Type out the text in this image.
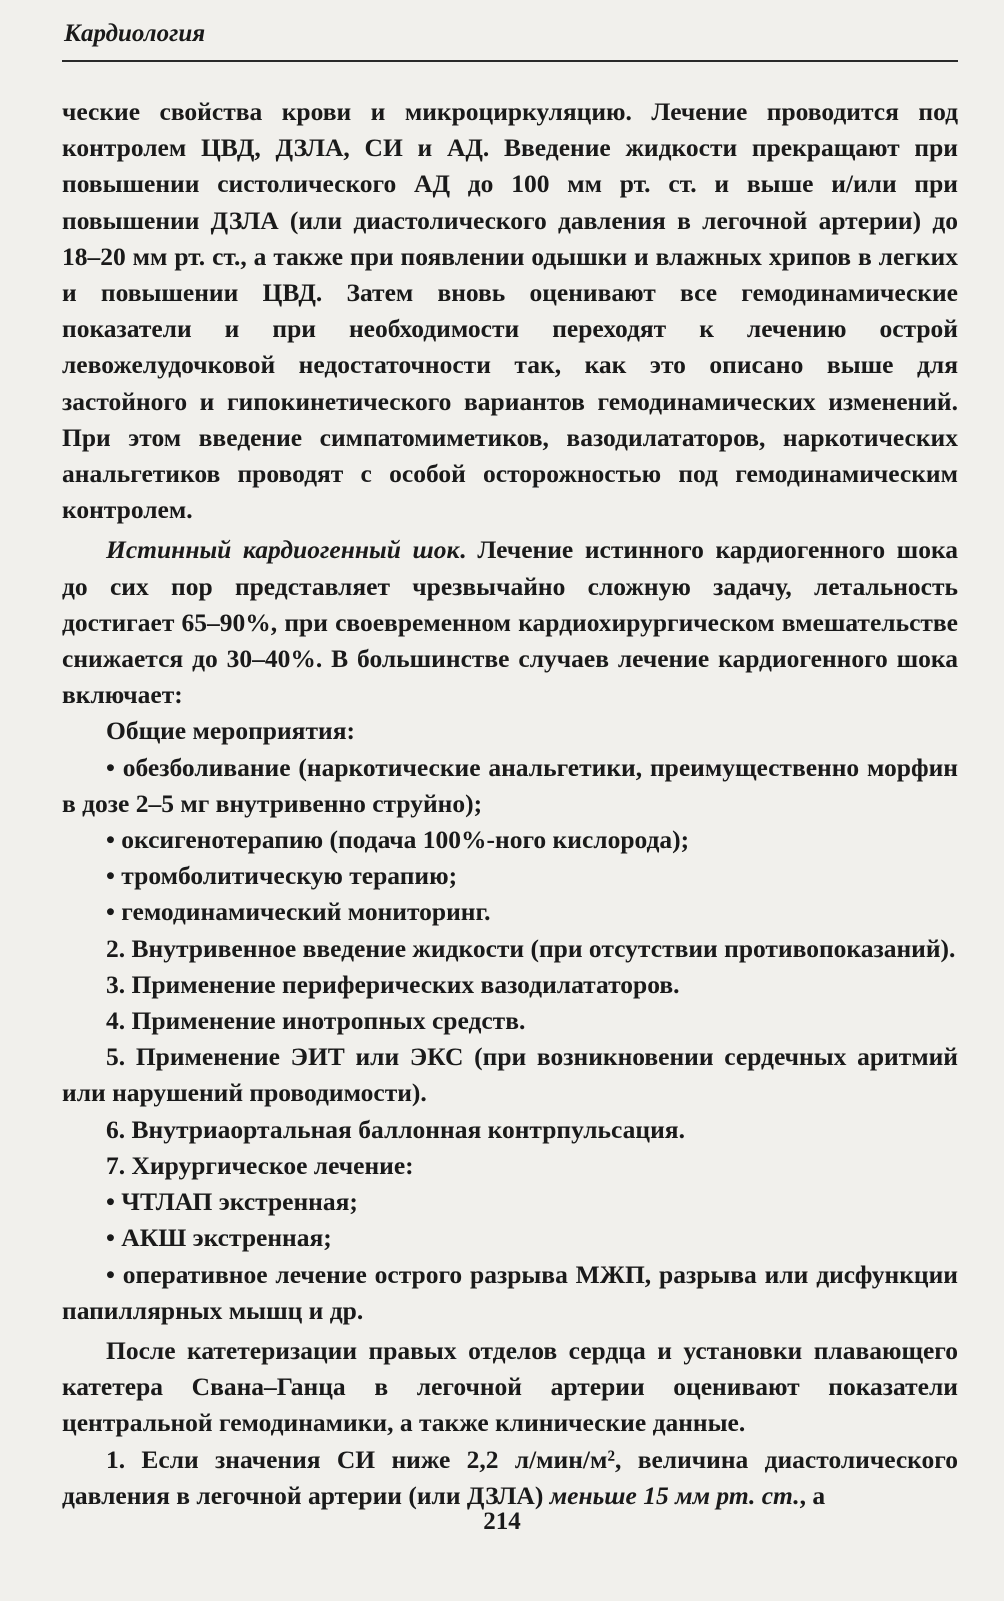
Кардиология

ческие свойства крови и микроциркуляцию. Лечение проводится под контролем ЦВД, ДЗЛА, СИ и АД. Введение жидкости прекращают при повышении систолического АД до 100 мм рт. ст. и выше и/или при повышении ДЗЛА (или диастолического давления в легочной артерии) до 18–20 мм рт. ст., а также при появлении одышки и влажных хрипов в легких и повышении ЦВД. Затем вновь оценивают все гемодинамические показатели и при необходимости переходят к лечению острой левожелудочковой недостаточности так, как это описано выше для застойного и гипокинетического вариантов гемодинамических изменений. При этом введение симпатомиметиков, вазодилататоров, наркотических анальгетиков проводят с особой осторожностью под гемодинамическим контролем.

Истинный кардиогенный шок. Лечение истинного кардиогенного шока до сих пор представляет чрезвычайно сложную задачу, летальность достигает 65–90%, при своевременном кардиохирургическом вмешательстве снижается до 30–40%. В большинстве случаев лечение кардиогенного шока включает:

Общие мероприятия:

• обезболивание (наркотические анальгетики, преимущественно морфин в дозе 2–5 мг внутривенно струйно);

• оксигенотерапию (подача 100%-ного кислорода);

• тромболитическую терапию;

• гемодинамический мониторинг.

2. Внутривенное введение жидкости (при отсутствии противопоказаний).

3. Применение периферических вазодилататоров.

4. Применение инотропных средств.

5. Применение ЭИТ или ЭКС (при возникновении сердечных аритмий или нарушений проводимости).

6. Внутриаортальная баллонная контрпульсация.

7. Хирургическое лечение:

• ЧТЛАП экстренная;

• АКШ экстренная;

• оперативное лечение острого разрыва МЖП, разрыва или дисфункции папиллярных мышц и др.

После катетеризации правых отделов сердца и установки плавающего катетера Свана–Ганца в легочной артерии оценивают показатели центральной гемодинамики, а также клинические данные.

1. Если значения СИ ниже 2,2 л/мин/м², величина диастолического давления в легочной артерии (или ДЗЛА) меньше 15 мм рт. ст., а

214
